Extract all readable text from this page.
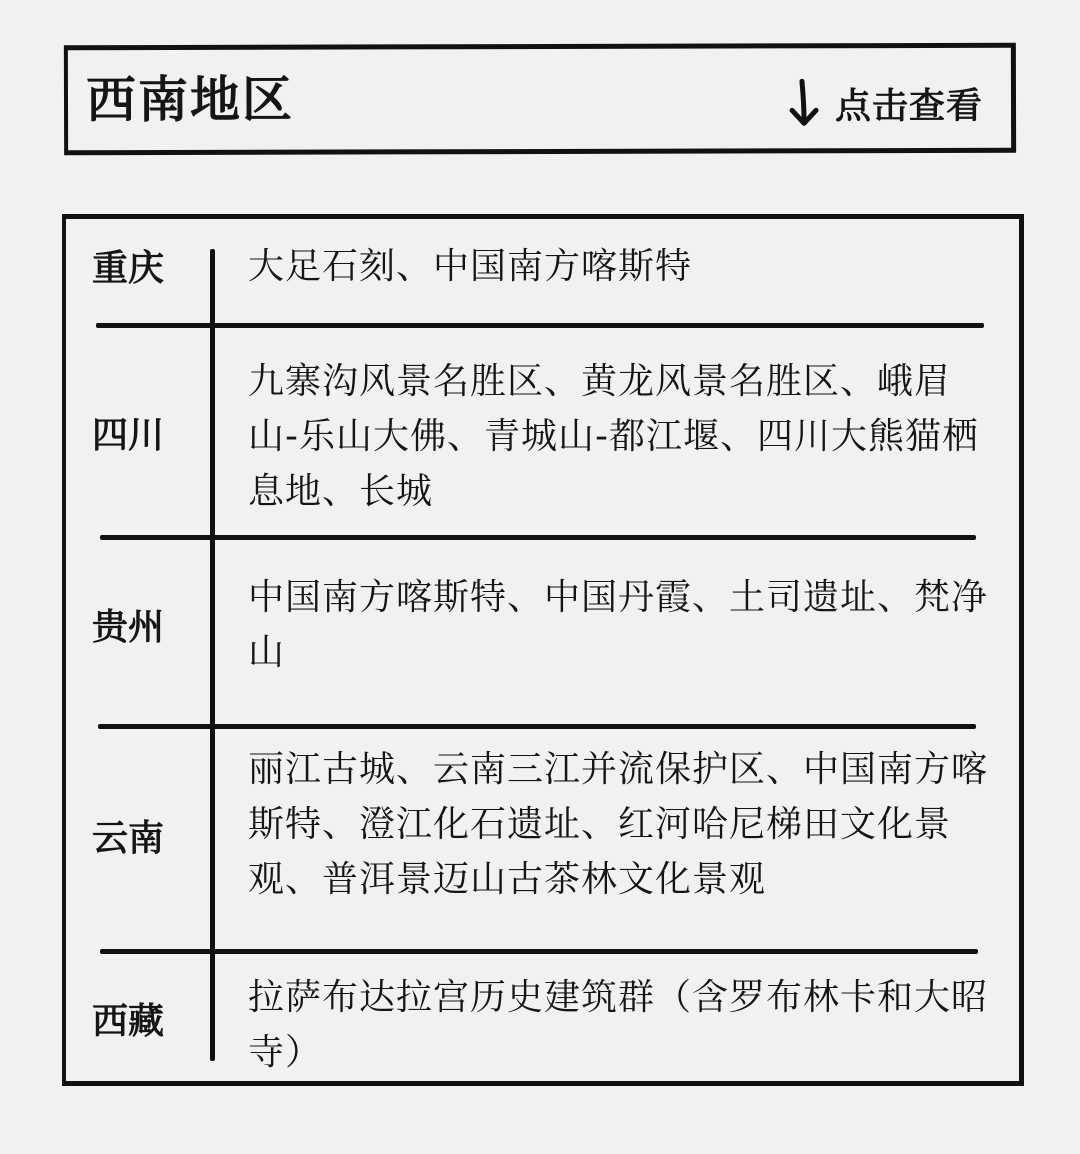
西南地区	点击查看
重庆	大足石刻、中国南方喀斯特

四川

九寨沟风景名胜区、黄龙风景名胜区、峨眉山-乐山大佛、青城山-都江堰、四川大熊猫栖息地、长城

贵州

中国南方喀斯特、中国丹霞、土司遗址、梵净山

云南

丽江古城、云南三江并流保护区、中国南方喀斯特、澄江化石遗址、红河哈尼梯田文化景观、普洱景迈山古茶林文化景观

西藏

拉萨布达拉宫历史建筑群（含罗布林卡和大昭寺）
